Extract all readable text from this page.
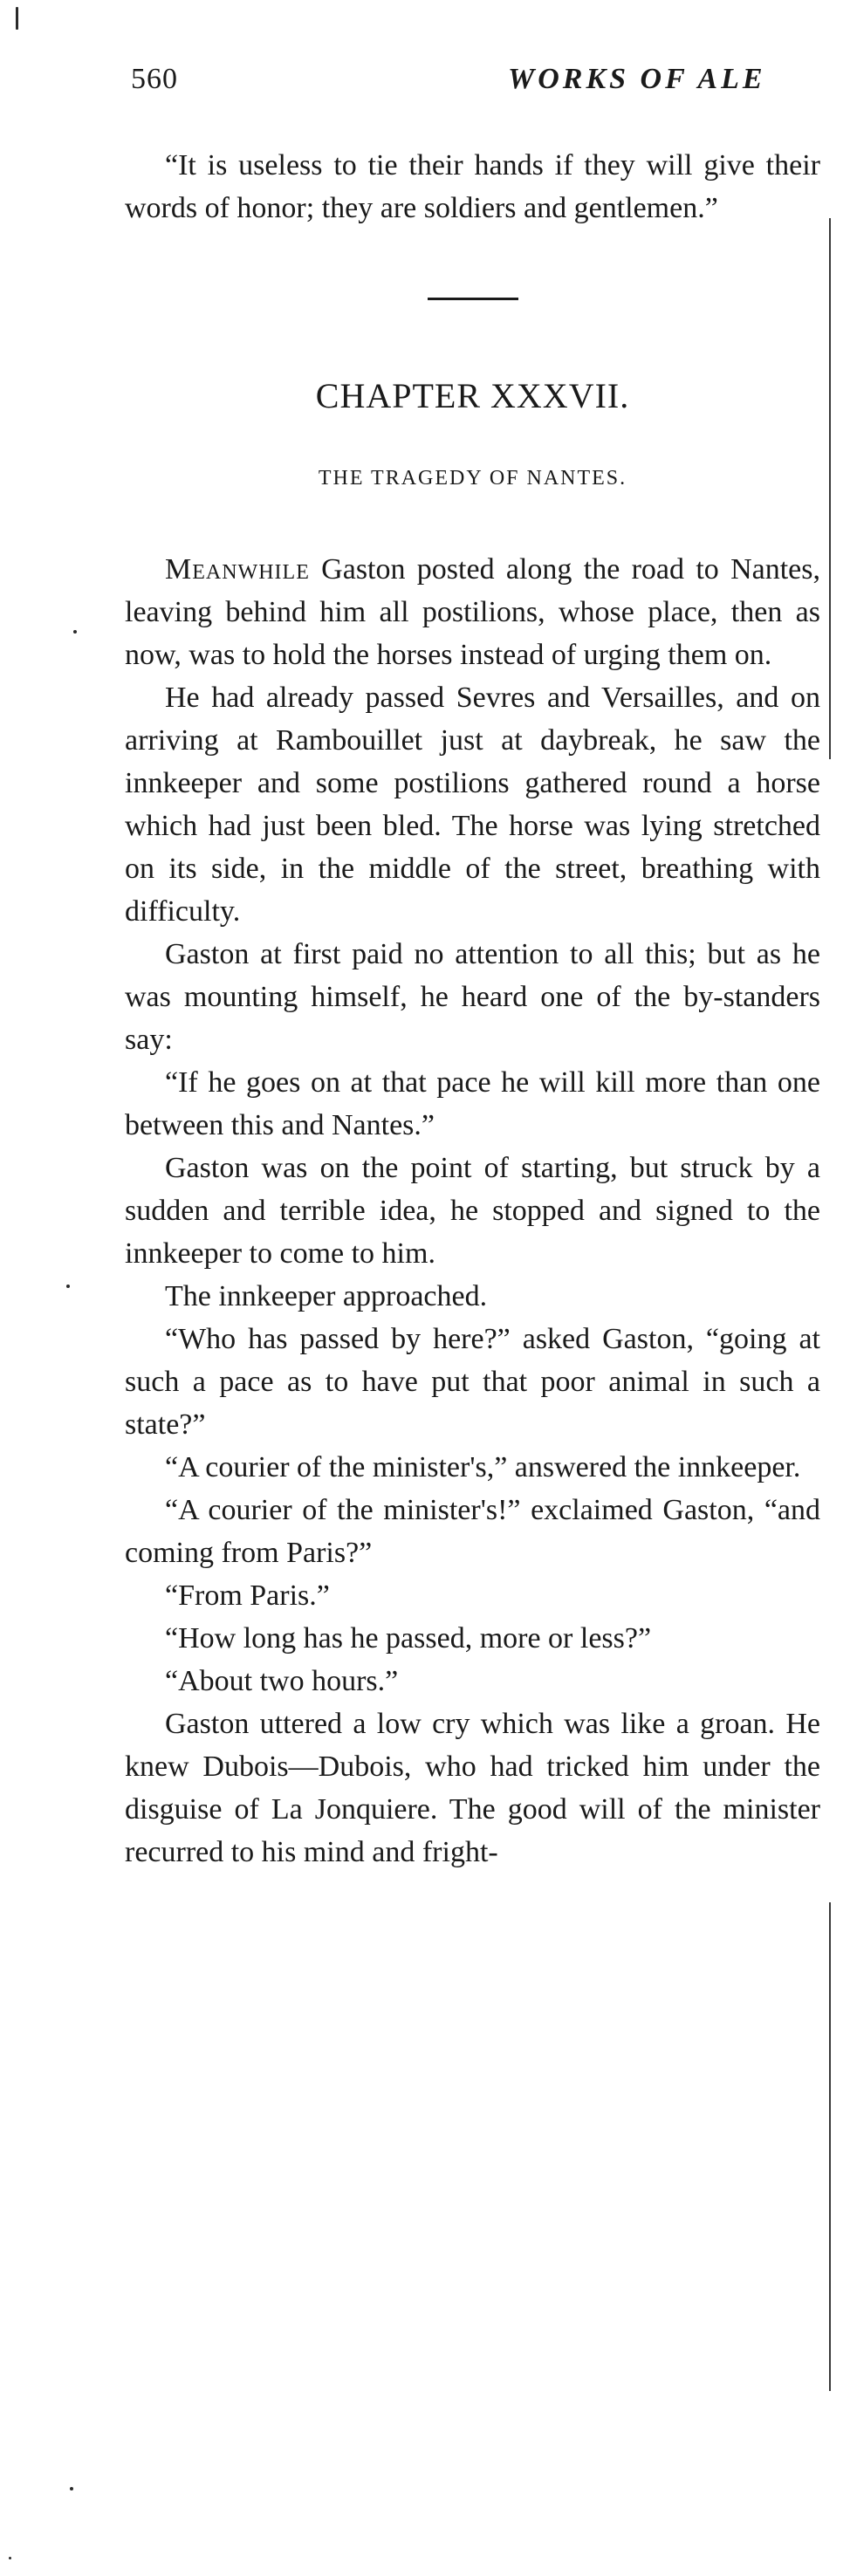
560	WORKS OF ALE

“It is useless to tie their hands if they will give their words of honor; they are soldiers and gentlemen.”

CHAPTER XXXVII.
THE TRAGEDY OF NANTES.

Meanwhile Gaston posted along the road to Nantes, leaving behind him all postilions, whose place, then as now, was to hold the horses instead of urging them on.

He had already passed Sevres and Versailles, and on arriving at Rambouillet just at daybreak, he saw the innkeeper and some postilions gathered round a horse which had just been bled. The horse was lying stretched on its side, in the middle of the street, breathing with difficulty.

Gaston at first paid no attention to all this; but as he was mounting himself, he heard one of the by-standers say:

“If he goes on at that pace he will kill more than one between this and Nantes.”

Gaston was on the point of starting, but struck by a sudden and terrible idea, he stopped and signed to the innkeeper to come to him.

The innkeeper approached.

“Who has passed by here?” asked Gaston, “going at such a pace as to have put that poor animal in such a state?”

“A courier of the minister's,” answered the innkeeper.

“A courier of the minister's!” exclaimed Gaston, “and coming from Paris?”

“From Paris.”

“How long has he passed, more or less?”

“About two hours.”

Gaston uttered a low cry which was like a groan. He knew Dubois—Dubois, who had tricked him under the disguise of La Jonquiere. The good will of the minister recurred to his mind and fright-
